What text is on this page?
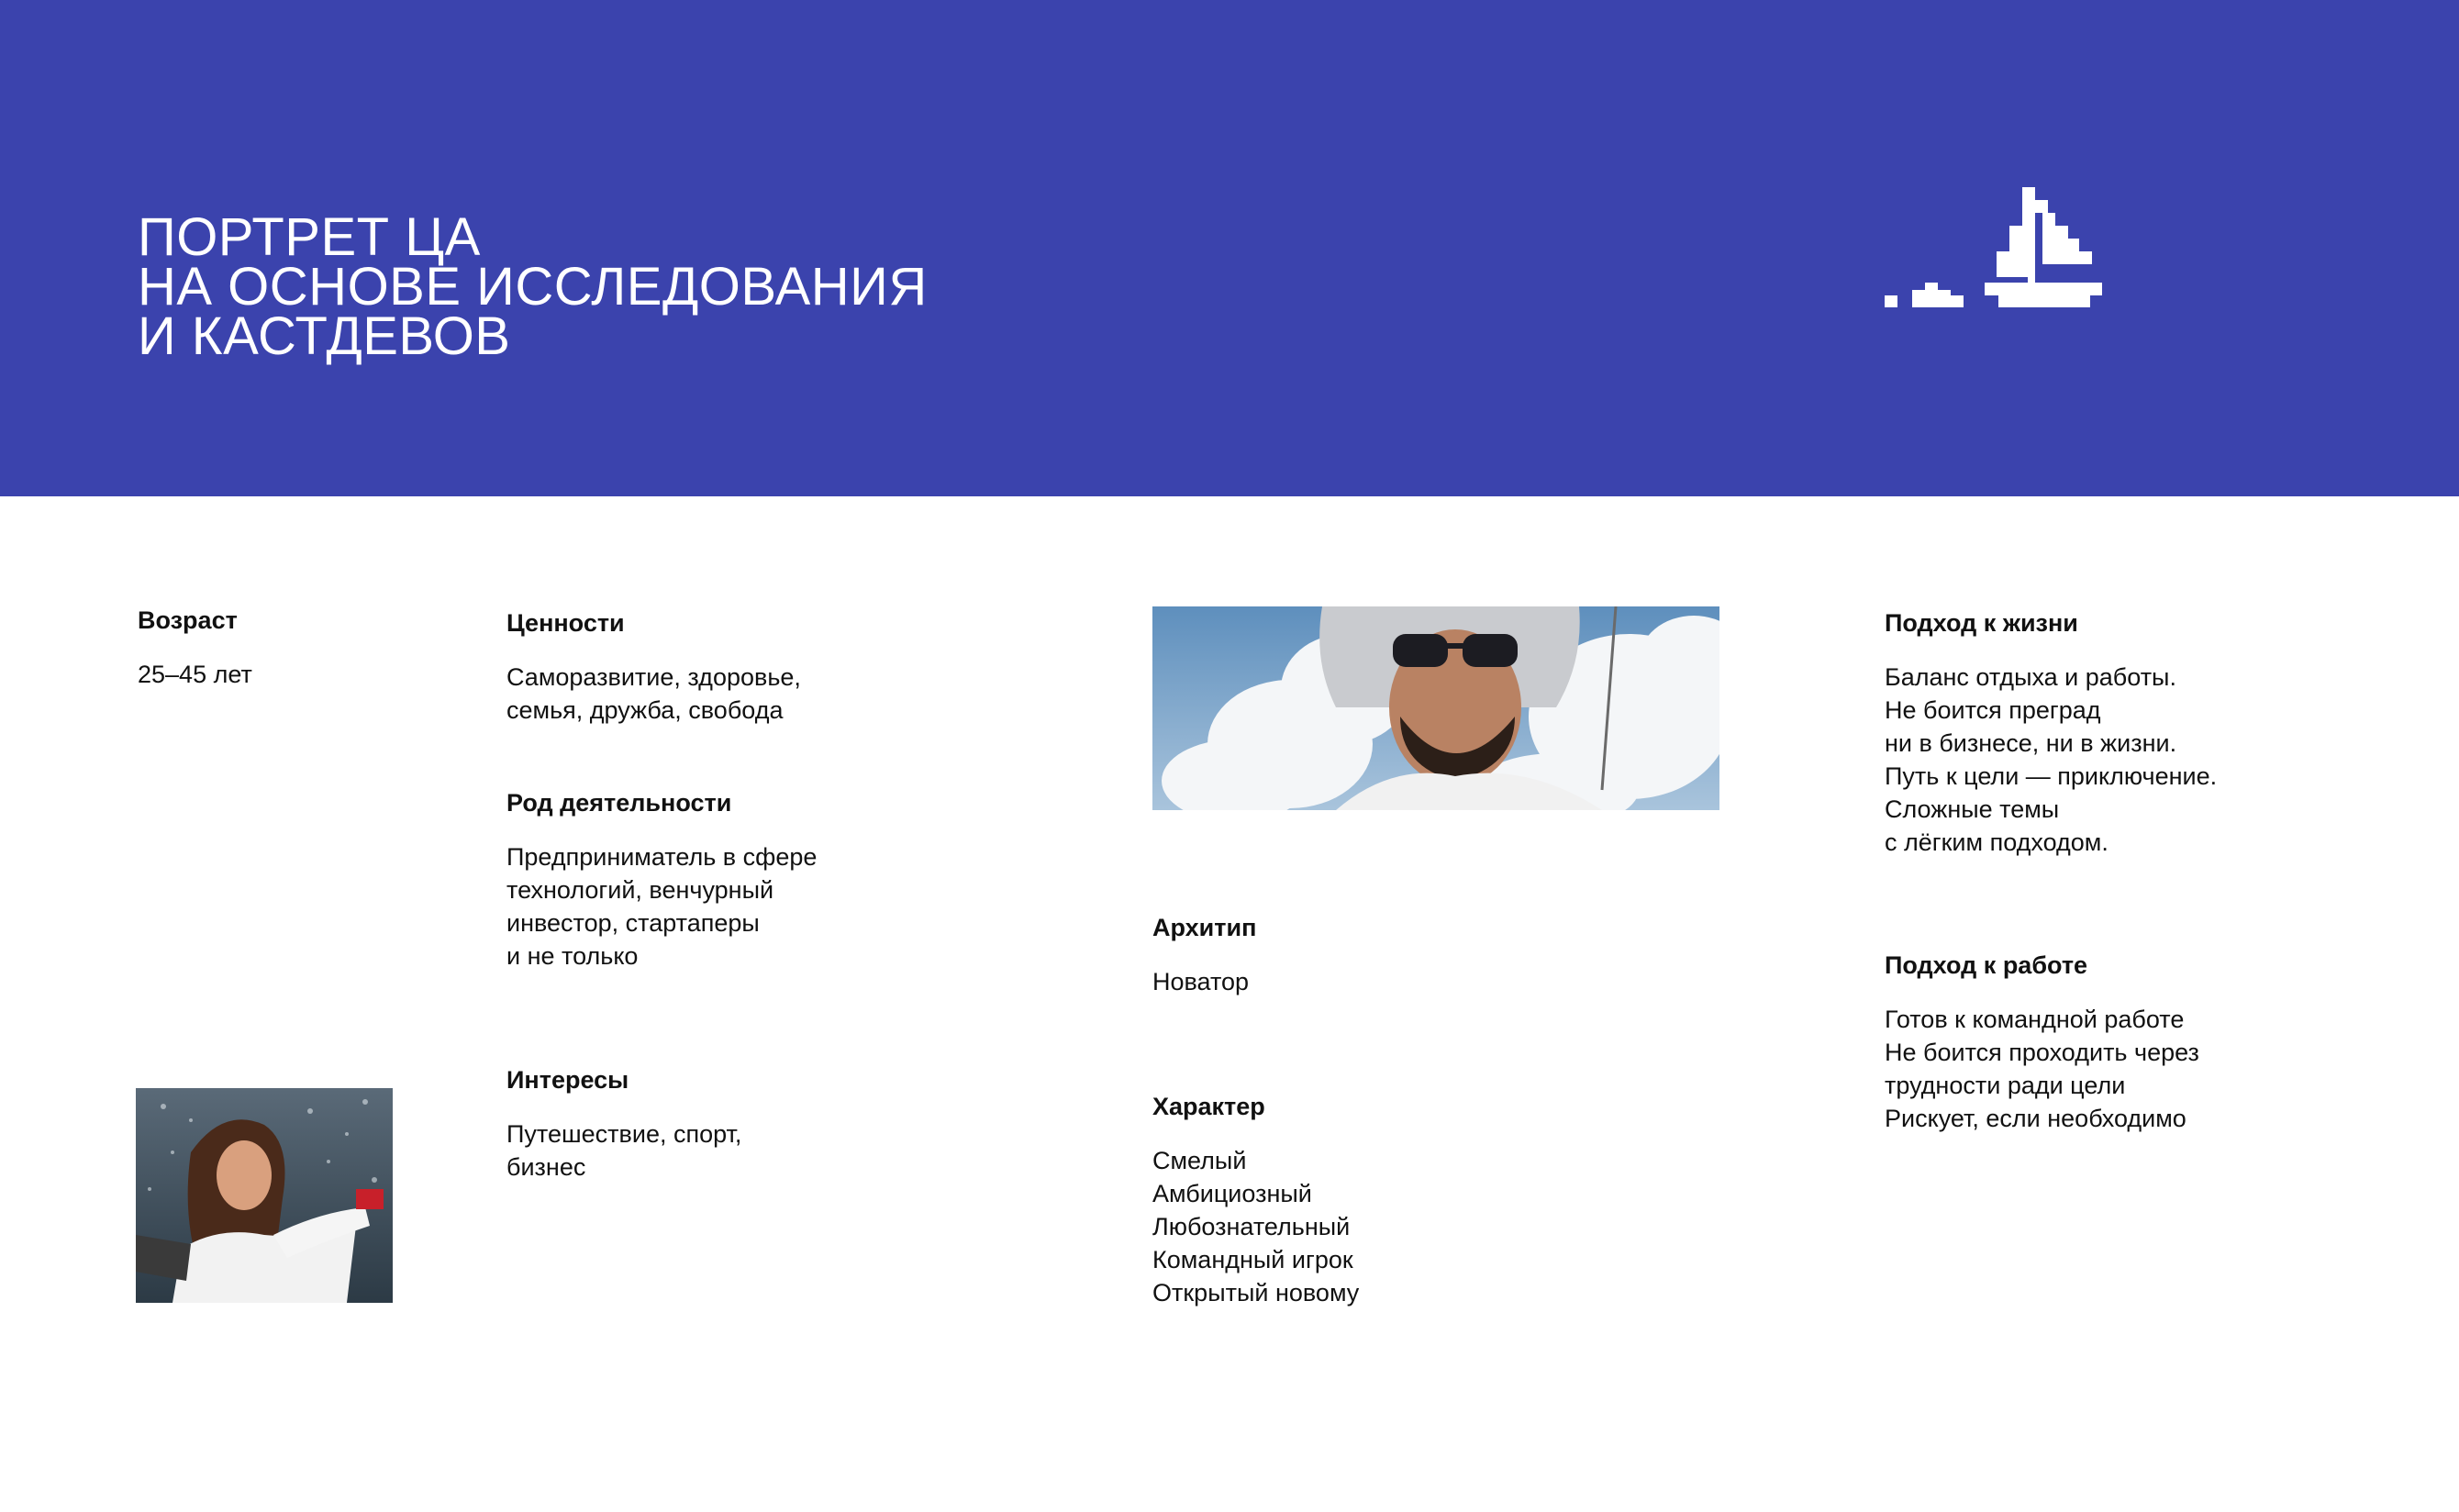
ПОРТРЕТ ЦА
НА ОСНОВЕ ИССЛЕДОВАНИЯ
И КАСТДЕВОВ

Возраст

25–45 лет

Ценности

Саморазвитие, здоровье,
семья, дружба, свобода

Род деятельности

Предприниматель в сфере
технологий, венчурный
инвестор, стартаперы
и не только

Интересы

Путешествие, спорт,
бизнес

Архитип

Новатор

Характер

Смелый
Амбициозный
Любознательный
Командный игрок
Открытый новому

Подход к жизни

Баланс отдыха и работы.
Не боится преград
ни в бизнесе, ни в жизни.
Путь к цели — приключение.
Сложные темы
с лёгким подходом.

Подход к работе

Готов к командной работе
Не боится проходить через
трудности ради цели
Рискует, если необходимо
